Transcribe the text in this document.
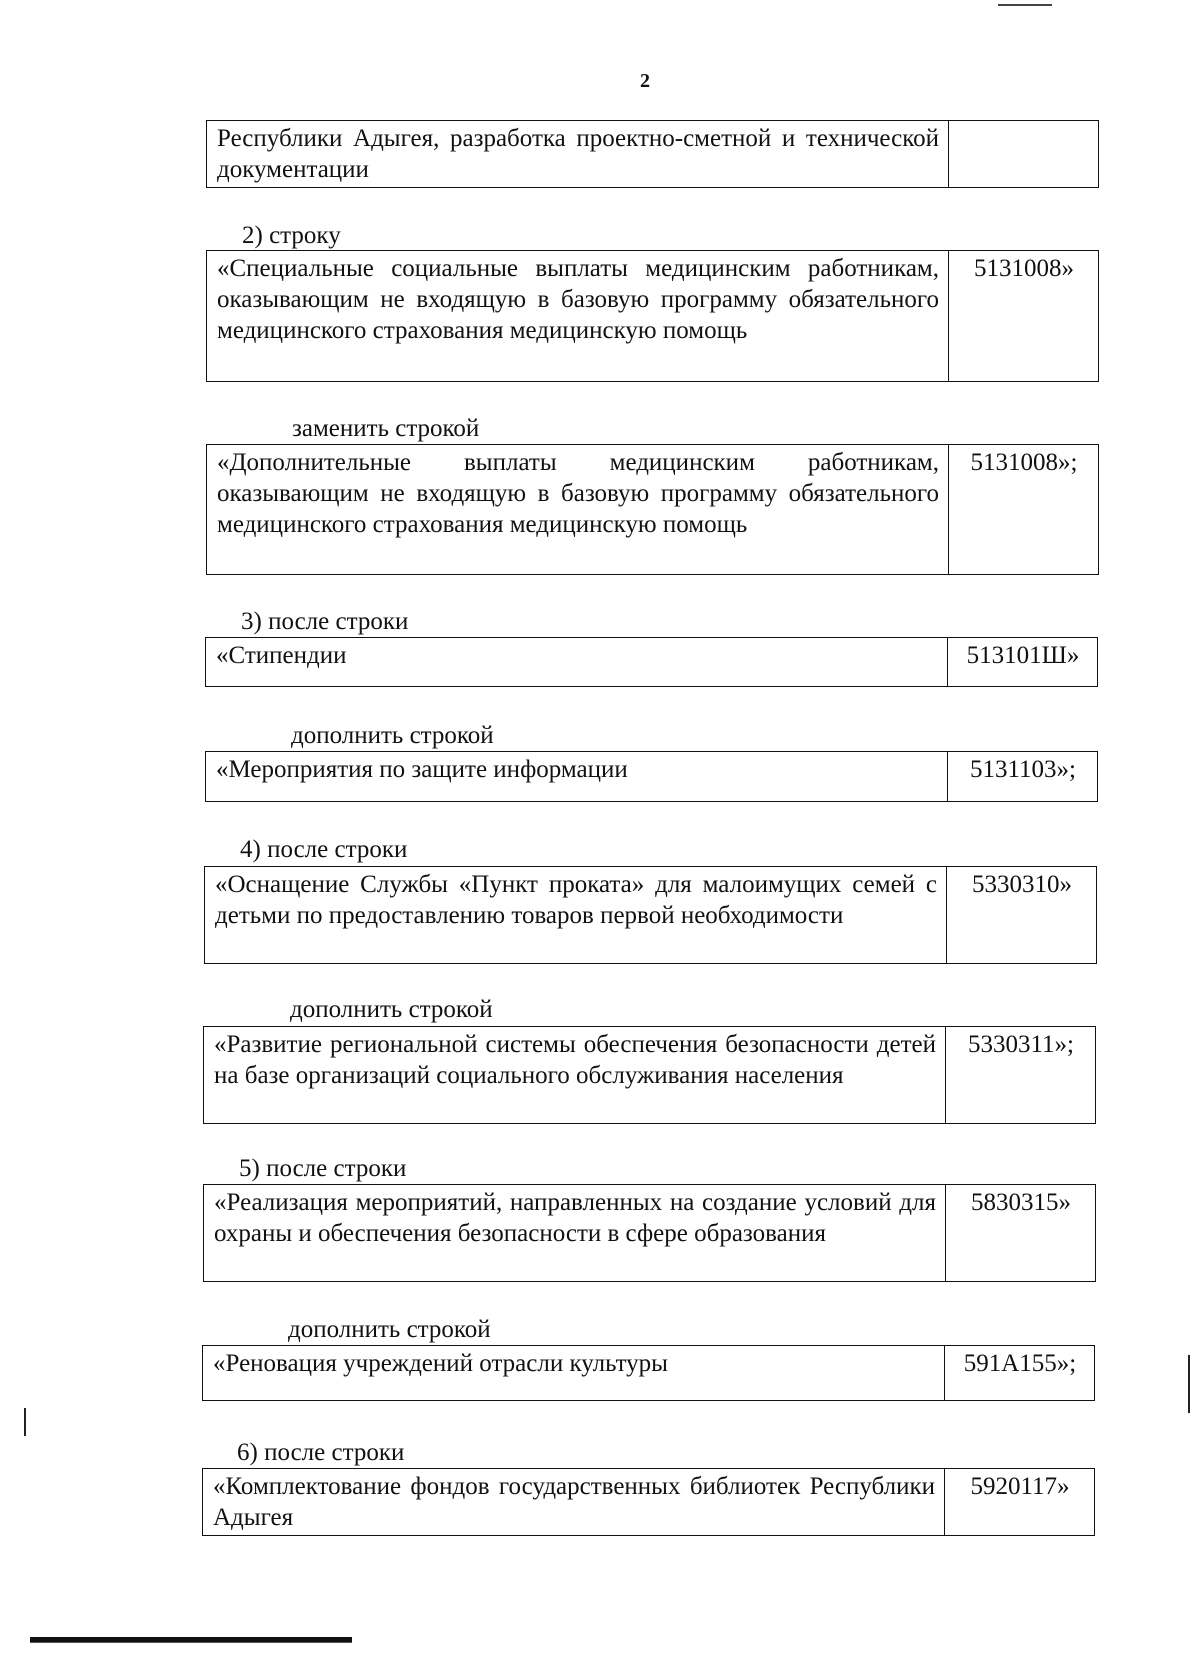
2
Республики Адыгея, разработка проектно-сметной и технической документации	
2) строку
«Специальные социальные выплаты медицинским работникам, оказывающим не входящую в базовую программу обязательного медицинского страхования медицинскую помощь	5131008»
заменить строкой
«Дополнительные выплаты медицинским работникам, оказывающим не входящую в базовую программу обязательного медицинского страхования медицинскую помощь	5131008»;
3) после строки
«Стипендии	513101Ш»
дополнить строкой
«Мероприятия по защите информации	5131103»;
4) после строки
«Оснащение Службы «Пункт проката» для малоимущих семей с детьми по предоставлению товаров первой необходимости	5330310»
дополнить строкой
«Развитие региональной системы обеспечения безопасности детей на базе организаций социального обслуживания населения	5330311»;
5) после строки
«Реализация мероприятий, направленных на создание условий для охраны и обеспечения безопасности в сфере образования	5830315»
дополнить строкой
«Реновация учреждений отрасли культуры	591А155»;
6) после строки
«Комплектование фондов государственных библиотек Республики Адыгея	5920117»
